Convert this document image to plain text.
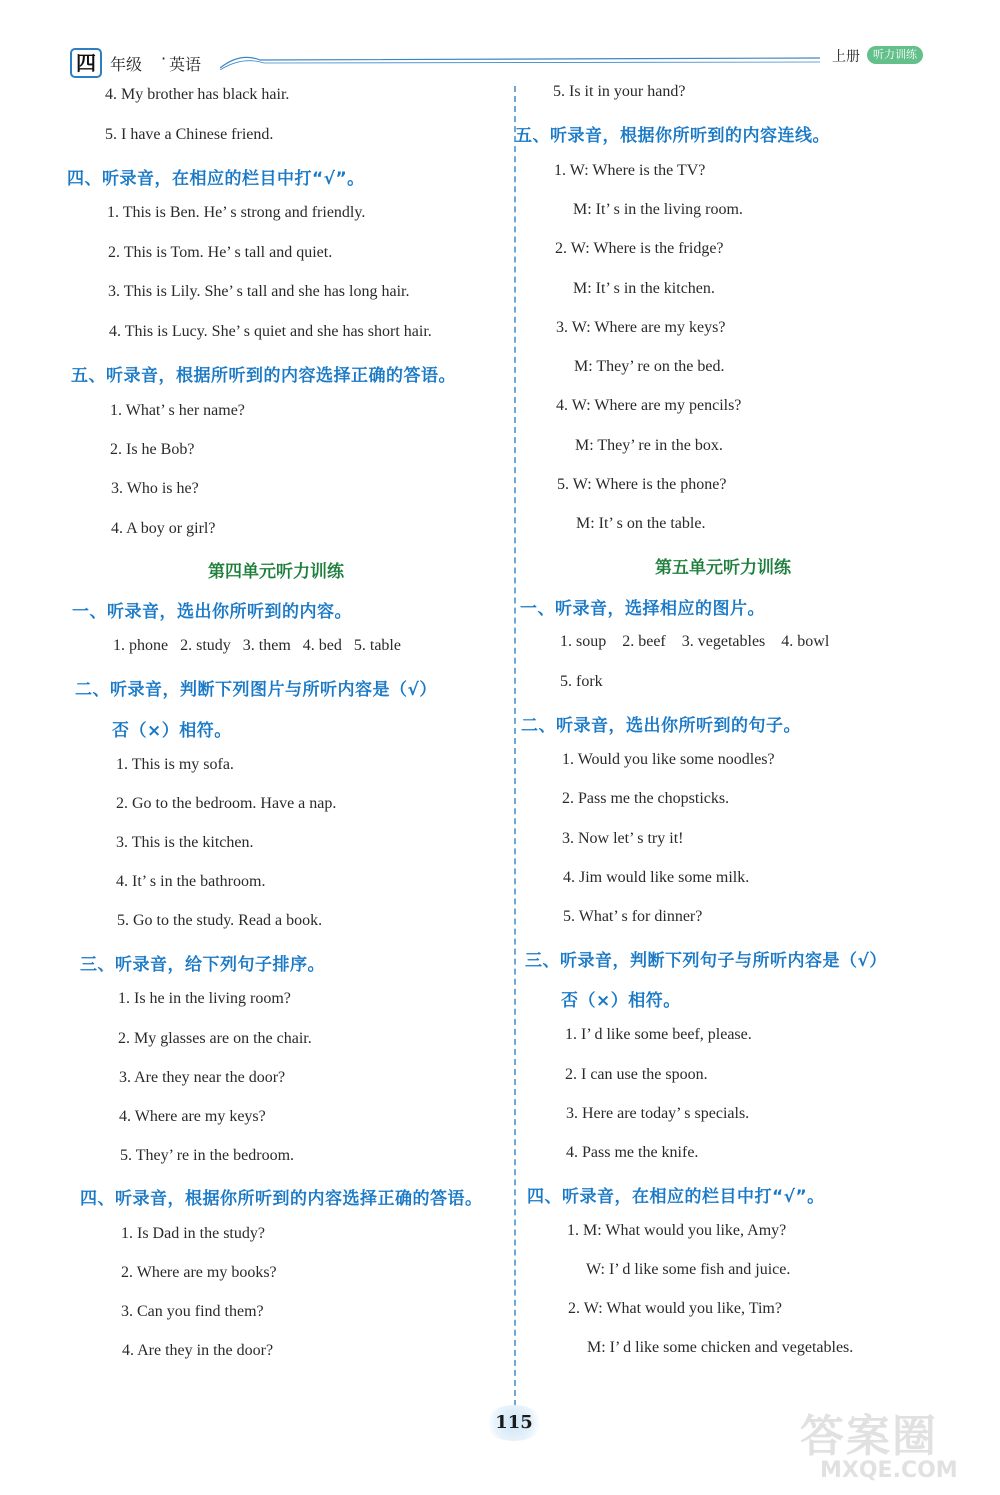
四 年级 · 英语	上册	听力训练
4. My brother has black hair.
5. I have a Chinese friend.
四、听录音，在相应的栏目中打“√”。
1. This is Ben. He’ s strong and friendly.
2. This is Tom. He’ s tall and quiet.
3. This is Lily. She’ s tall and she has long hair.
4. This is Lucy. She’ s quiet and she has short hair.
五、听录音，根据所听到的内容选择正确的答语。
1. What’ s her name?
2. Is he Bob?
3. Who is he?
4. A boy or girl?
第四单元听力训练
一、听录音，选出你所听到的内容。
1. phone   2. study   3. them   4. bed   5. table
二、听录音，判断下列图片与所听内容是（√）
否（×）相符。
1. This is my sofa.
2. Go to the bedroom. Have a nap.
3. This is the kitchen.
4. It’ s in the bathroom.
5. Go to the study. Read a book.
三、听录音，给下列句子排序。
1. Is he in the living room?
2. My glasses are on the chair.
3. Are they near the door?
4. Where are my keys?
5. They’ re in the bedroom.
四、听录音，根据你所听到的内容选择正确的答语。
1. Is Dad in the study?
2. Where are my books?
3. Can you find them?
4. Are they in the door?
5. Is it in your hand?
五、听录音，根据你所听到的内容连线。
1. W: Where is the TV?
M: It’ s in the living room.
2. W: Where is the fridge?
M: It’ s in the kitchen.
3. W: Where are my keys?
M: They’ re on the bed.
4. W: Where are my pencils?
M: They’ re in the box.
5. W: Where is the phone?
M: It’ s on the table.
第五单元听力训练
一、听录音，选择相应的图片。
1. soup    2. beef    3. vegetables    4. bowl
5. fork
二、听录音，选出你所听到的句子。
1. Would you like some noodles?
2. Pass me the chopsticks.
3. Now let’ s try it!
4. Jim would like some milk.
5. What’ s for dinner?
三、听录音，判断下列句子与所听内容是（√）
否（×）相符。
1. I’ d like some beef, please.
2. I can use the spoon.
3. Here are today’ s specials.
4. Pass me the knife.
四、听录音，在相应的栏目中打“√”。
1. M: What would you like, Amy?
W: I’ d like some fish and juice.
2. W: What would you like, Tim?
M: I’ d like some chicken and vegetables.
115	答案圈
MXQE.COM
